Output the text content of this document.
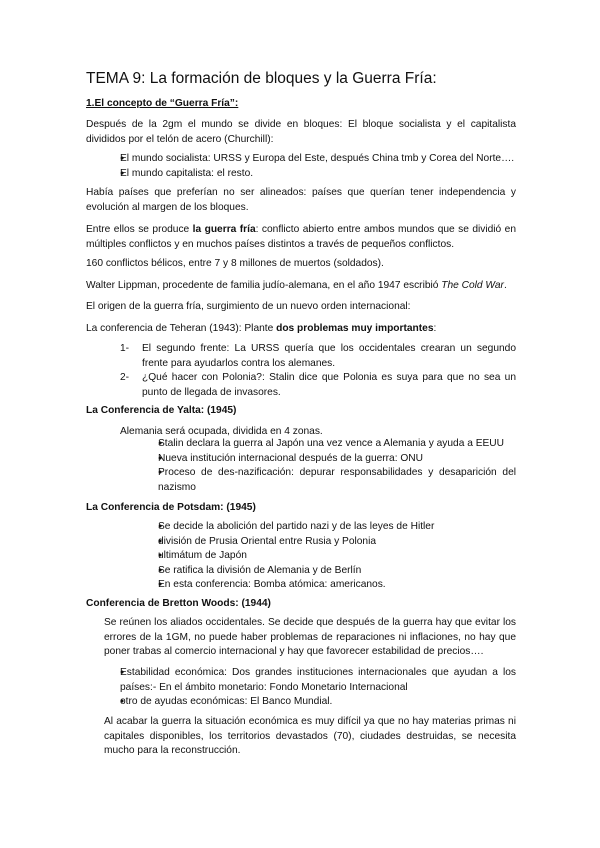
TEMA 9: La formación de bloques y la Guerra Fría:
1.El concepto de “Guerra Fría”:
Después de la 2gm el mundo se divide en bloques: El bloque socialista y el capitalista divididos por el telón de acero (Churchill):
● El mundo socialista: URSS y Europa del Este, después China tmb y Corea del Norte….
● El mundo capitalista: el resto.
Había países que preferían no ser alineados: países que querían tener independencia y evolución al margen de los bloques.
Entre ellos se produce la guerra fría: conflicto abierto entre ambos mundos que se dividió en múltiples conflictos y en muchos países distintos a través de pequeños conflictos.
160 conflictos bélicos, entre 7 y 8 millones de muertos (soldados).
Walter Lippman, procedente de familia judío-alemana, en el año 1947 escribió The Cold War.
El origen de la guerra fría, surgimiento de un nuevo orden internacional:
La conferencia de Teheran (1943): Plante dos problemas muy importantes:
1- El segundo frente: La URSS quería que los occidentales crearan un segundo frente para ayudarlos contra los alemanes.
2- ¿Qué hacer con Polonia?: Stalin dice que Polonia es suya para que no sea un punto de llegada de invasores.
La Conferencia de Yalta: (1945)
Alemania será ocupada, dividida en 4 zonas.
● Stalin declara la guerra al Japón una vez vence a Alemania y ayuda a EEUU
● Nueva institución internacional después de la guerra: ONU
● Proceso de des-nazificación: depurar responsabilidades y desaparición del nazismo
La Conferencia de Potsdam: (1945)
● Se decide la abolición del partido nazi y de las leyes de Hitler
● división de Prusia Oriental entre Rusia y Polonia
● ultimátum de Japón
● Se ratifica la división de Alemania y de Berlín
● En esta conferencia: Bomba atómica: americanos.
Conferencia de Bretton Woods: (1944)
Se reúnen los aliados occidentales. Se decide que después de la guerra hay que evitar los errores de la 1GM, no puede haber problemas de reparaciones ni inflaciones, no hay que poner trabas al comercio internacional y hay que favorecer estabilidad de precios….
● Estabilidad económica: Dos grandes instituciones internacionales que ayudan a los países:- En el ámbito monetario: Fondo Monetario Internacional
● otro de ayudas económicas: El Banco Mundial.
Al acabar la guerra la situación económica es muy difícil ya que no hay materias primas ni capitales disponibles, los territorios devastados (70), ciudades destruidas, se necesita mucho para la reconstrucción.
